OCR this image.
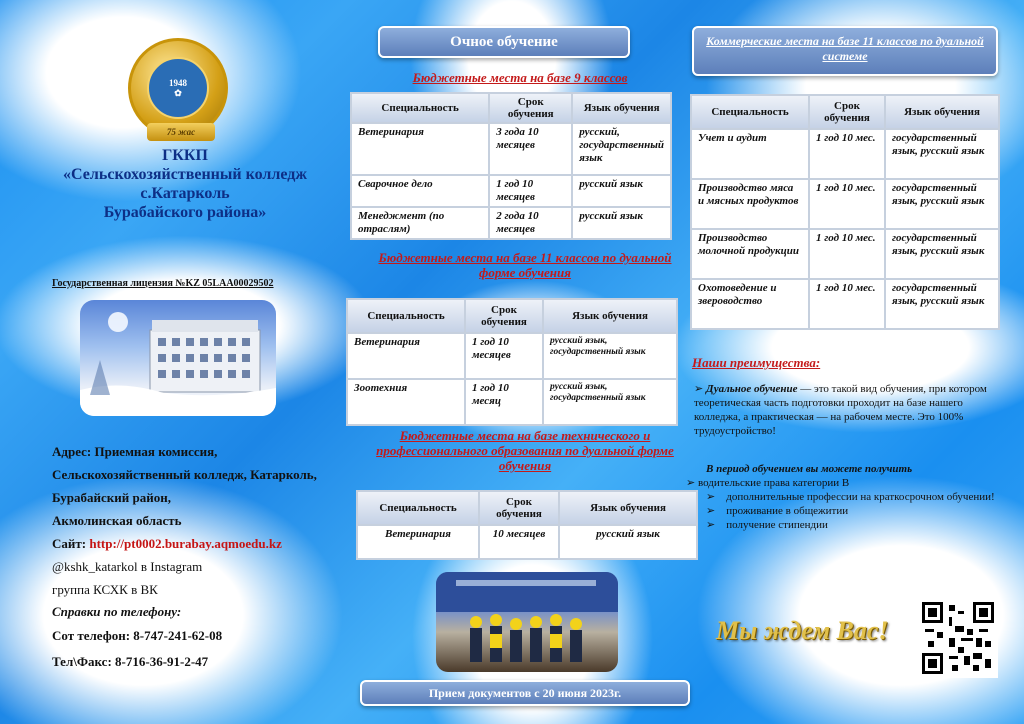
1948
✿
75 жас
ГККП
«Сельскохозяйственный колледж
с.Катарколь
Бурабайского района»
Государственная лицензия №KZ 05LAA00029502
Адрес: Приемная комиссия,
Сельскохозяйственный колледж, Катарколь,
Бурабайский район,
Акмолинская область
Сайт: http://pt0002.burabay.aqmoedu.kz
@kshk_katarkol в Instagram
группа КСХК в ВК
Справки по телефону:
Сот телефон: 8-747-241-62-08
Тел\Факс: 8-716-36-91-2-47
Очное обучение
Бюджетные места на базе 9 классов
Специальность	Срок обучения	Язык обучения
Ветеринария	3 года 10 месяцев	русский, государственный язык
Сварочное дело	1 год 10 месяцев	русский язык
Менеджмент (по отраслям)	2 года 10 месяцев	русский язык
Бюджетные места на базе 11 классов по дуальной форме обучения
Специальность	Срок обучения	Язык обучения
Ветеринария	1 год 10 месяцев	русский язык, государственный язык
Зоотехния	1 год 10 месяц	русский язык, государственный язык
Бюджетные места на базе технического и профессионального образования по дуальной форме обучения
Специальность	Срок обучения	Язык обучения
Ветеринария	10 месяцев	русский язык
Прием документов с 20 июня 2023г.
Коммерческие места на базе 11 классов по дуальной системе
Специальность	Срок обучения	Язык обучения
Учет и аудит	1 год 10 мес.	государственный язык, русский язык
Производство мяса и мясных продуктов	1 год 10 мес.	государственный язык, русский язык
Производство молочной продукции	1 год 10 мес.	государственный язык, русский язык
Охотоведение и звероводство	1 год 10 мес.	государственный язык, русский язык
Наши преимущества:
➢ Дуальное обучение — это такой вид обучения, при котором теоретическая часть подготовки проходит на базе нашего колледжа, а практическая — на рабочем месте. Это 100% трудоустройство!
В период обучением вы можете получить
➢ водительские права категории В
➢    дополнительные профессии на краткосрочном обучении!
➢    проживание в общежитии
➢    получение стипендии
Мы ждем Вас!
